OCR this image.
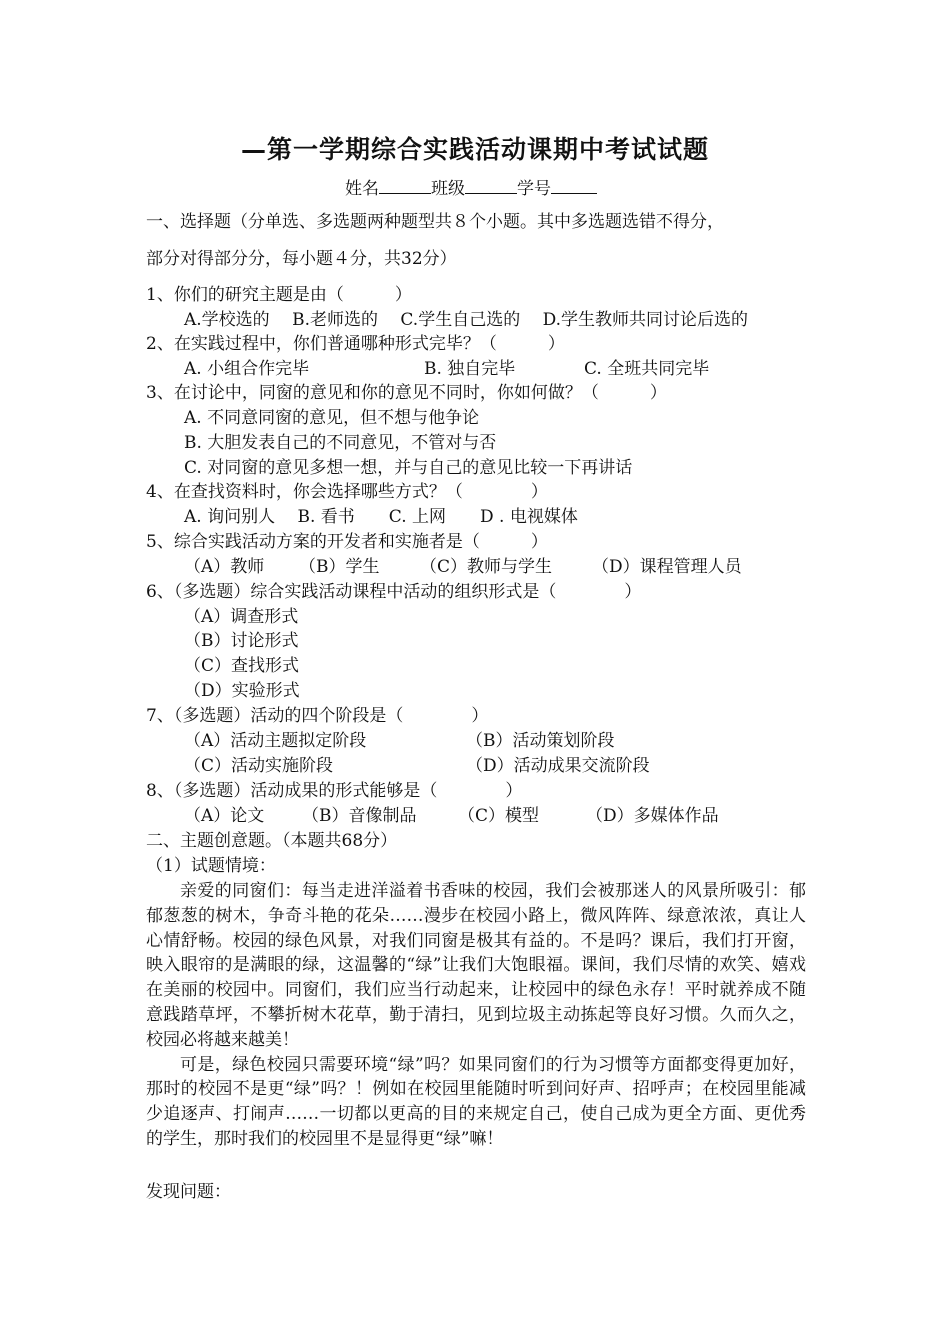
—第一学期综合实践活动课期中考试试题
姓名	班级	学号
一、选择题（分单选、多选题两种题型共８个小题。其中多选题选错不得分，
部分对得部分分，每小题４分，共32分）
1、你们的研究主题是由（　　　）
A.学校选的　 B.老师选的　 C.学生自己选的　 D.学生教师共同讨论后选的
2、在实践过程中，你们普通哪种形式完毕？（　　　）
A. 小组合作完毕	B. 独自完毕	C. 全班共同完毕
3、在讨论中，同窗的意见和你的意见不同时，你如何做？（　　　）
A. 不同意同窗的意见，但不想与他争论
B. 大胆发表自己的不同意见，不管对与否
C. 对同窗的意见多想一想，并与自己的意见比较一下再讲话
4、在查找资料时，你会选择哪些方式？（　　　　）
A. 询问别人　 B. 看书　　C. 上网　　D . 电视媒体
5、综合实践活动方案的开发者和实施者是（　　　）
（A）教师 （B）学生 （C）教师与学生 （D）课程管理人员
6、（多选题）综合实践活动课程中活动的组织形式是（　　　　）
（A）调查形式
（B）讨论形式
（C）查找形式
（D）实验形式
7、（多选题）活动的四个阶段是（　　　　）
（A）活动主题拟定阶段	（B）活动策划阶段
（C）活动实施阶段	（D）活动成果交流阶段
8、（多选题）活动成果的形式能够是（　　　　）
（A）论文 （B）音像制品 （C）模型	（D）多媒体作品
二、主题创意题。（本题共68分）
（1）试题情境：

亲爱的同窗们：每当走进洋溢着书香味的校园，我们会被那迷人的风景所吸引：郁郁葱葱的树木，争奇斗艳的花朵……漫步在校园小路上，微风阵阵、绿意浓浓，真让人心情舒畅。校园的绿色风景，对我们同窗是极其有益的。不是吗？课后，我们打开窗，映入眼帘的是满眼的绿，这温馨的“绿”让我们大饱眼福。课间，我们尽情的欢笑、嬉戏在美丽的校园中。同窗们，我们应当行动起来，让校园中的绿色永存！平时就养成不随意践踏草坪，不攀折树木花草，勤于清扫，见到垃圾主动拣起等良好习惯。久而久之，校园必将越来越美！

可是，绿色校园只需要环境“绿”吗？如果同窗们的行为习惯等方面都变得更加好，那时的校园不是更“绿”吗？！例如在校园里能随时听到问好声、招呼声；在校园里能减少追逐声、打闹声……一切都以更高的目的来规定自己，使自己成为更全方面、更优秀的学生，那时我们的校园里不是显得更“绿”嘛！

发现问题：
